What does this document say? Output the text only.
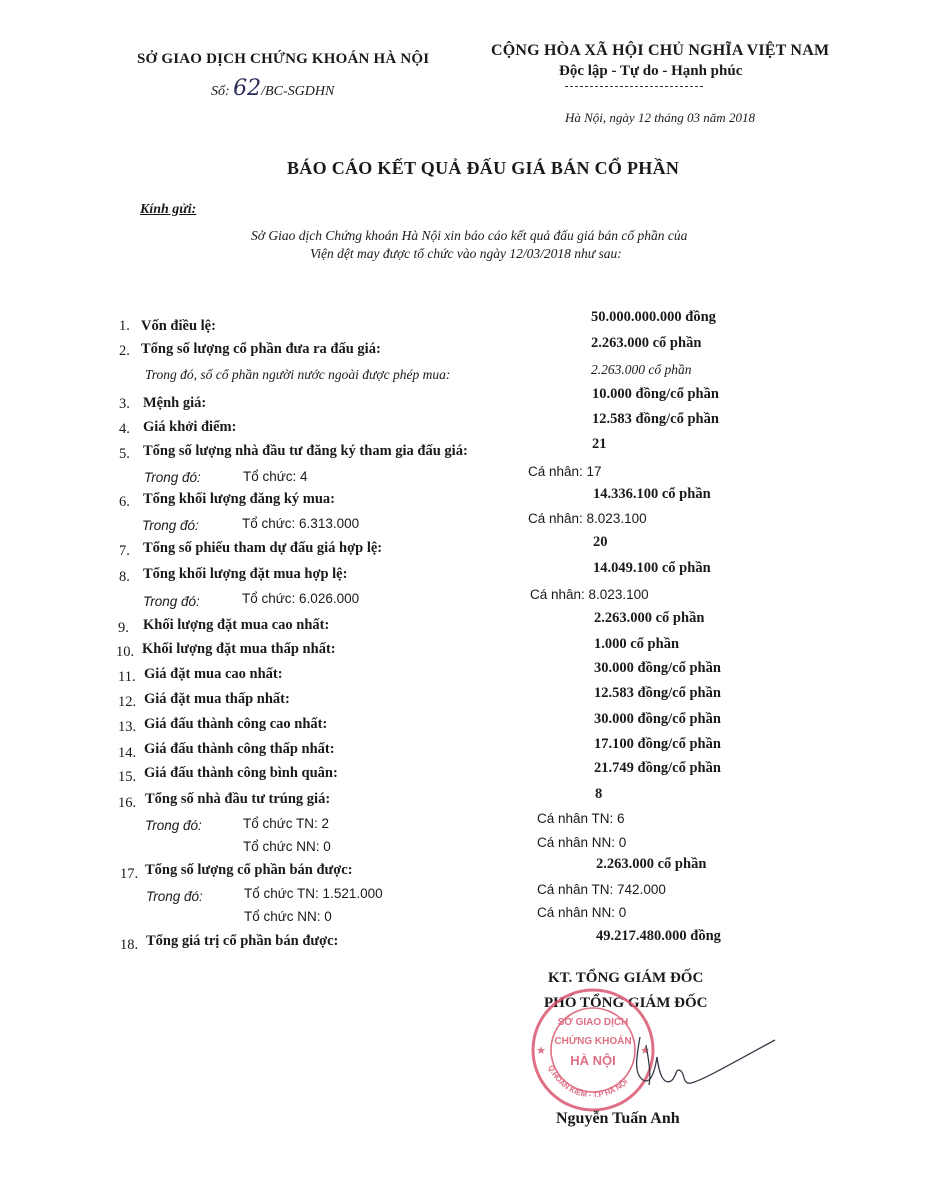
SỞ GIAO DỊCH CHỨNG KHOÁN HÀ NỘI
Số: 62/BC-SGDHN
CỘNG HÒA XÃ HỘI CHỦ NGHĨA VIỆT NAM
Độc lập - Tự do - Hạnh phúc
Hà Nội, ngày 12 tháng 03 năm 2018
BÁO CÁO KẾT QUẢ ĐẤU GIÁ BÁN CỔ PHẦN
Kính gửi:
Sở Giao dịch Chứng khoán Hà Nội xin báo cáo kết quả đấu giá bán cổ phần của
Viện dệt may được tổ chức vào ngày 12/03/2018 như sau:
1. Vốn điều lệ:
50.000.000.000 đồng
2. Tổng số lượng cổ phần đưa ra đấu giá:	2.263.000 cổ phần
Trong đó, số cổ phần người nước ngoài được phép mua:	2.263.000 cổ phần
3. Mệnh giá:
10.000 đồng/cổ phần
4. Giá khởi điểm:	12.583 đồng/cổ phần
5. Tổng số lượng nhà đầu tư đăng ký tham gia đấu giá:	21
Trong đó:	Tổ chức: 4	Cá nhân: 17
6. Tổng khối lượng đăng ký mua:	14.336.100 cổ phần
Trong đó:	Tổ chức: 6.313.000	Cá nhân: 8.023.100
7. Tổng số phiếu tham dự đấu giá hợp lệ:	20
8. Tổng khối lượng đặt mua hợp lệ:	14.049.100 cổ phần
Trong đó:	Tổ chức: 6.026.000	Cá nhân: 8.023.100
9. Khối lượng đặt mua cao nhất:	2.263.000 cổ phần
10. Khối lượng đặt mua thấp nhất:	1.000 cổ phần
11. Giá đặt mua cao nhất:	30.000 đồng/cổ phần
12. Giá đặt mua thấp nhất:	12.583 đồng/cổ phần
13. Giá đấu thành công cao nhất:	30.000 đồng/cổ phần
14. Giá đấu thành công thấp nhất:	17.100 đồng/cổ phần
15. Giá đấu thành công bình quân:	21.749 đồng/cổ phần
16. Tổng số nhà đầu tư trúng giá:	8
Trong đó:	Tổ chức TN: 2	Cá nhân TN: 6
Tổ chức NN: 0	Cá nhân NN: 0
17. Tổng số lượng cổ phần bán được:	2.263.000 cổ phần
Trong đó:	Tổ chức TN: 1.521.000	Cá nhân TN: 742.000
Tổ chức NN: 0	Cá nhân NN: 0
18. Tổng giá trị cổ phần bán được:	49.217.480.000 đồng
KT. TỔNG GIÁM ĐỐC
PHÓ TỔNG GIÁM ĐỐC
SỞ GIAO DỊCH
CHỨNG KHOÁN
HÀ NỘI
★	★
Q.HOÀN KIẾM - T.P HÀ NỘI
Nguyễn Tuấn Anh
